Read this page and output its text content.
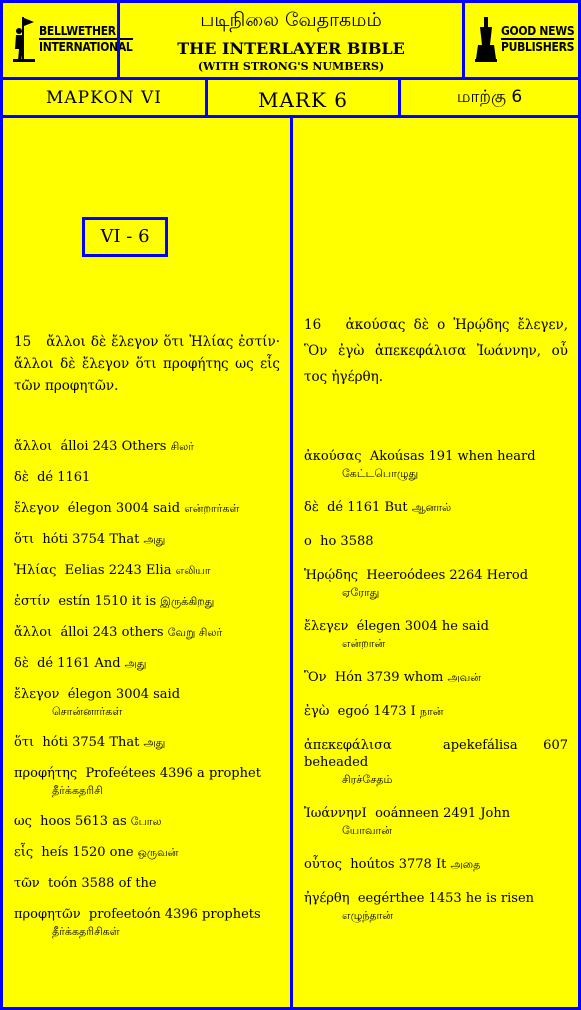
BELLWETHER
INTERNATIONAL
படிநிலை வேதாகமம்
THE INTERLAYER BIBLE
(WITH STRONG'S NUMBERS)
GOOD NEWS
PUBLISHERS
ΜΑΡΚΟΝ VI	MARK 6	மாற்கு 6
VI - 6
15 ἄλλοι δὲ ἔλεγον ὅτι Ἠλίας ἐστίν· ἄλλοι δὲ ἔλεγον ὅτι προφήτης ως εἷς τῶν προφητῶν.
16 ἀκούσας δὲ ο Ἡρῴδης ἔλεγεν, Ὃν ἐγὼ ἀπεκεφάλισα Ἰωάννην, οὗ τος ἠγέρθη.

ἄλλοι álloi 243 Others சிலர்

δὲ dé 1161

ἔλεγον élegon 3004 said என்றார்கள்

ὅτι hóti 3754 That அது

Ἠλίας Eelias 2243 Elia எலியா

ἐστίν estín 1510 it is இருக்கிறது

ἄλλοι álloi 243 others வேறு சிலர்

δὲ dé 1161 And அது

ἔλεγον élegon 3004 said
சொன்னார்கள்

ὅτι hóti 3754 That அது

προφήτης Profeétees 4396 a prophet
தீர்க்கதரிசி

ως hoos 5613 as போல

εἷς heís 1520 one ஒருவன்

τῶν toón 3588 of the

προφητῶν profeetoón 4396 prophets
தீர்க்கதரிசிகள்

ἀκούσας Akoúsas 191 when heard
கேட்டபொழுது

δὲ dé 1161 But ஆனால்

ο ho 3588

Ἡρῴδης Heeroódees 2264 Herod
ஏரோது

ἔλεγεν élegen 3004 he said
என்றான்

Ὃν Hón 3739 whom அவன்

ἐγὼ egoó 1473 I நான்

ἀπεκεφάλισα	apekefálisa 607 beheaded
சிரச்சேதம்

ἸωάννηνΙ ooánneen 2491 John
யோவான்

οὗτος hoútos 3778 It அதை

ἠγέρθη eegérthee 1453 he is risen
எழுந்தான்
